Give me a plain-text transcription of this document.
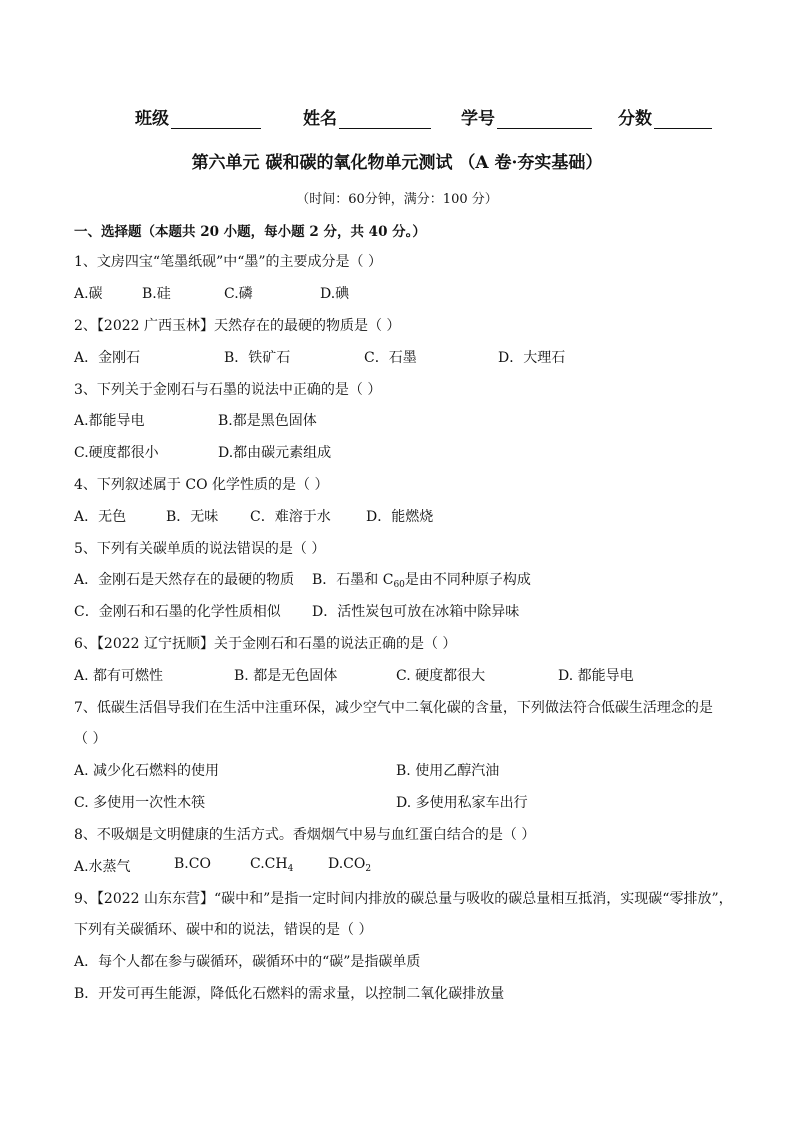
班级	姓名	学号	分数
第六单元 碳和碳的氧化物单元测试 （A 卷·夯实基础）
（时间：60分钟，满分：100 分）
一、选择题（本题共 20 小题，每小题 2 分，共 40 分。）
1、文房四宝“笔墨纸砚”中“墨”的主要成分是（ ）
A.碳	B.硅	C.磷	D.碘
2、【2022 广西玉林】天然存在的最硬的物质是（ ）
A．金刚石	B．铁矿石	C．石墨	D．大理石
3、下列关于金刚石与石墨的说法中正确的是（ ）
A.都能导电	B.都是黑色固体
C.硬度都很小	D.都由碳元素组成
4、下列叙述属于 CO 化学性质的是（ ）
A．无色	B．无味 C．难溶于水	D．能燃烧
5、下列有关碳单质的说法错误的是（ ）
A．金刚石是天然存在的最硬的物质 B．石墨和 $C_{60}$是由不同种原子构成
C．金刚石和石墨的化学性质相似 D．活性炭包可放在冰箱中除异味
6、【2022 辽宁抚顺】关于金刚石和石墨的说法正确的是（ ）
A. 都有可燃性	B. 都是无色固体	C. 硬度都很大	D. 都能导电
7、低碳生活倡导我们在生活中注重环保，减少空气中二氧化碳的含量，下列做法符合低碳生活理念的是
（ ）
A. 减少化石燃料的使用	B. 使用乙醇汽油
C. 多使用一次性木筷	D. 多使用私家车出行
8、不吸烟是文明健康的生活方式。香烟烟气中易与血红蛋白结合的是（ ）
A.水蒸气	B.CO	$C.CH_4$ $D.CO_2$
9、【2022 山东东营】“碳中和”是指一定时间内排放的碳总量与吸收的碳总量相互抵消，实现碳“零排放”，
下列有关碳循环、碳中和的说法，错误的是（ ）
A．每个人都在参与碳循环，碳循环中的“碳”是指碳单质
B．开发可再生能源，降低化石燃料的需求量，以控制二氧化碳排放量
